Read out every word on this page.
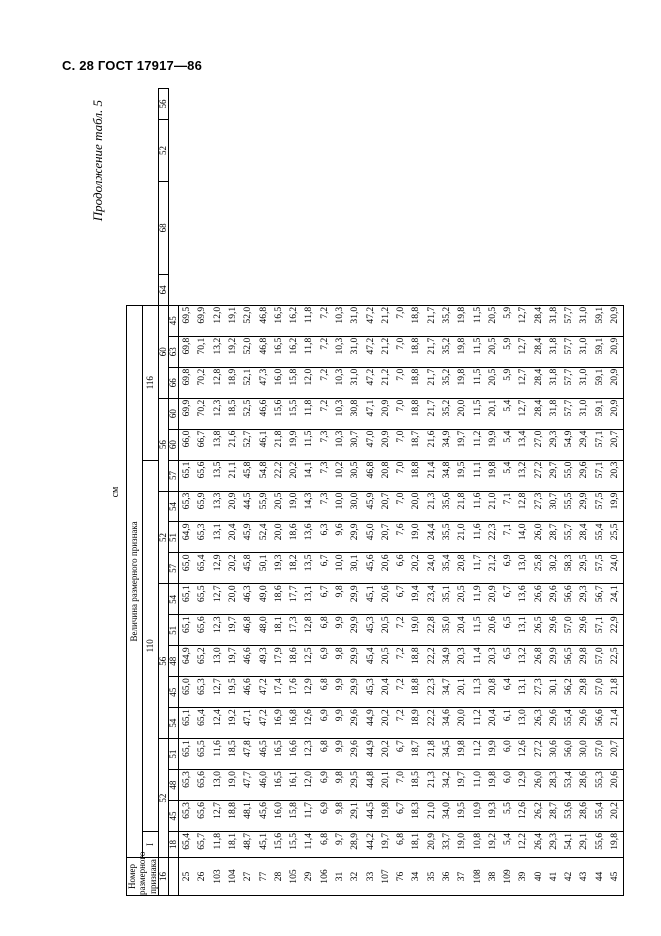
С. 28 ГОСТ 17917—86
Продолжение табл. 5
см
Номер размерного признака	Величина размерного признака																					
	I	110												116								
16	52				56					52			56			60			64	68	52	56
	18	45	48	51	54	45	48	51	54	57	51	54	57	60	60	66	63	45				
25	65,4	65,3	65,3	65,1	65,1	65,0	64,9	65,1	65,1	65,0	64,9	65,3	65,1	66,0	69,9	69,8	69,8	69,5				
26	65,7	65,6	65,6	65,5	65,4	65,3	65,2	65,6	65,5	65,4	65,3	65,9	65,6	66,7	70,2	70,2	70,1	69,9				
103	11,8	12,7	13,0	11,6	12,4	12,7	13,0	12,3	12,7	12,9	13,1	13,3	13,5	13,8	12,3	12,8	13,2	12,0				
104	18,1	18,8	19,0	18,5	19,2	19,5	19,7	19,7	20,0	20,2	20,4	20,9	21,1	21,6	18,5	18,9	19,2	19,1				
27	48,7	48,1	47,7	47,8	47,1	46,6	46,6	46,8	46,3	45,8	45,9	44,5	45,8	52,7	52,5	52,1	52,0	52,0				
77	45,1	45,6	46,0	46,5	47,2	47,2	49,3	48,0	49,0	50,1	52,4	55,9	54,8	46,1	46,6	47,3	46,8	46,8				
28	15,6	16,0	16,5	16,5	16,9	17,4	17,9	18,1	18,6	19,3	20,0	20,5	22,2	21,8	15,6	16,0	16,5	16,5				
105	15,5	15,8	16,1	16,6	16,8	17,6	18,6	17,3	17,7	18,2	18,6	19,0	20,2	19,9	15,5	15,8	16,2	16,2				
29	11,4	11,7	12,0	12,3	12,6	12,9	12,5	12,8	13,1	13,5	13,6	14,3	14,1	11,5	11,8	12,0	11,8	11,8				
106	6,8	6,9	6,9	6,8	6,9	6,8	6,9	6,8	6,7	6,7	6,3	7,3	7,3	7,3	7,2	7,2	7,2	7,2				
31	9,7	9,8	9,8	9,9	9,9	9,9	9,8	9,9	9,8	10,0	9,6	10,0	10,2	10,3	10,3	10,3	10,3	10,3				
32	28,9	29,1	29,5	29,6	29,6	29,9	29,9	29,9	29,9	30,1	29,9	30,0	30,5	30,7	30,8	31,0	31,0	31,0				
33	44,2	44,5	44,8	44,9	44,9	45,3	45,4	45,3	45,1	45,6	45,0	45,9	46,8	47,0	47,1	47,2	47,2	47,2				
107	19,7	19,8	20,1	20,2	20,2	20,4	20,5	20,5	20,6	20,6	20,7	20,7	20,8	20,9	20,9	21,2	21,2	21,2				
76	6,8	6,7	7,0	6,7	7,2	7,2	7,2	7,2	6,7	6,6	7,6	7,0	7,0	7,0	7,0	7,0	7,0	7,0				
34	18,1	18,3	18,5	18,7	18,9	18,8	18,8	19,0	19,4	20,2	19,0	20,0	18,8	18,7	18,8	18,8	18,8	18,8				
35	20,9	21,0	21,3	21,8	22,2	22,3	22,2	22,8	23,4	24,0	24,4	21,3	21,4	21,6	21,7	21,7	21,7	21,7				
36	33,7	34,0	34,2	34,5	34,6	34,7	34,9	35,0	35,1	35,4	35,5	35,6	34,8	34,9	35,2	35,2	35,2	35,2				
37	19,0	19,5	19,7	19,8	20,0	20,1	20,3	20,4	20,5	20,8	21,0	21,8	19,5	19,7	20,0	19,8	19,8	19,8				
108	10,8	10,9	11,0	11,2	11,2	11,3	11,4	11,5	11,9	11,7	11,6	11,6	11,1	11,2	11,5	11,5	11,5	11,5				
38	19,2	19,3	19,8	19,9	20,4	20,8	20,3	20,6	20,9	21,2	22,3	21,0	19,8	19,9	20,1	20,5	20,5	20,5				
109	5,4	5,5	6,0	6,0	6,1	6,4	6,5	6,5	6,7	6,9	7,1	7,1	5,4	5,4	5,4	5,9	5,9	5,9				
39	12,2	12,6	12,9	12,6	13,0	13,1	13,2	13,1	13,6	13,0	14,0	12,8	13,2	13,4	12,7	12,7	12,7	12,7				
40	26,4	26,2	26,0	27,2	26,3	27,3	26,8	26,5	26,6	25,8	26,0	27,3	27,2	27,0	28,4	28,4	28,4	28,4				
41	29,3	28,7	28,3	30,6	29,6	30,1	29,9	29,6	29,6	30,2	28,7	30,7	29,7	29,3	31,8	31,8	31,8	31,8				
42	54,1	53,6	53,4	56,0	55,4	56,2	56,5	57,0	56,6	58,3	55,7	55,5	55,0	54,9	57,7	57,7	57,7	57,7				
43	29,1	28,6	28,6	30,0	29,6	29,8	29,8	29,6	29,3	29,5	28,4	29,9	29,6	29,4	31,0	31,0	31,0	31,0				
44	55,6	55,4	55,3	57,0	56,6	57,0	57,0	57,1	56,7	57,5	55,4	57,5	57,1	57,1	59,1	59,1	59,1	59,1				
45	19,8	20,2	20,6	20,7	21,4	21,8	22,5	22,9	24,1	24,0	25,5	19,9	20,3	20,7	20,9	20,9	20,9	20,9				
